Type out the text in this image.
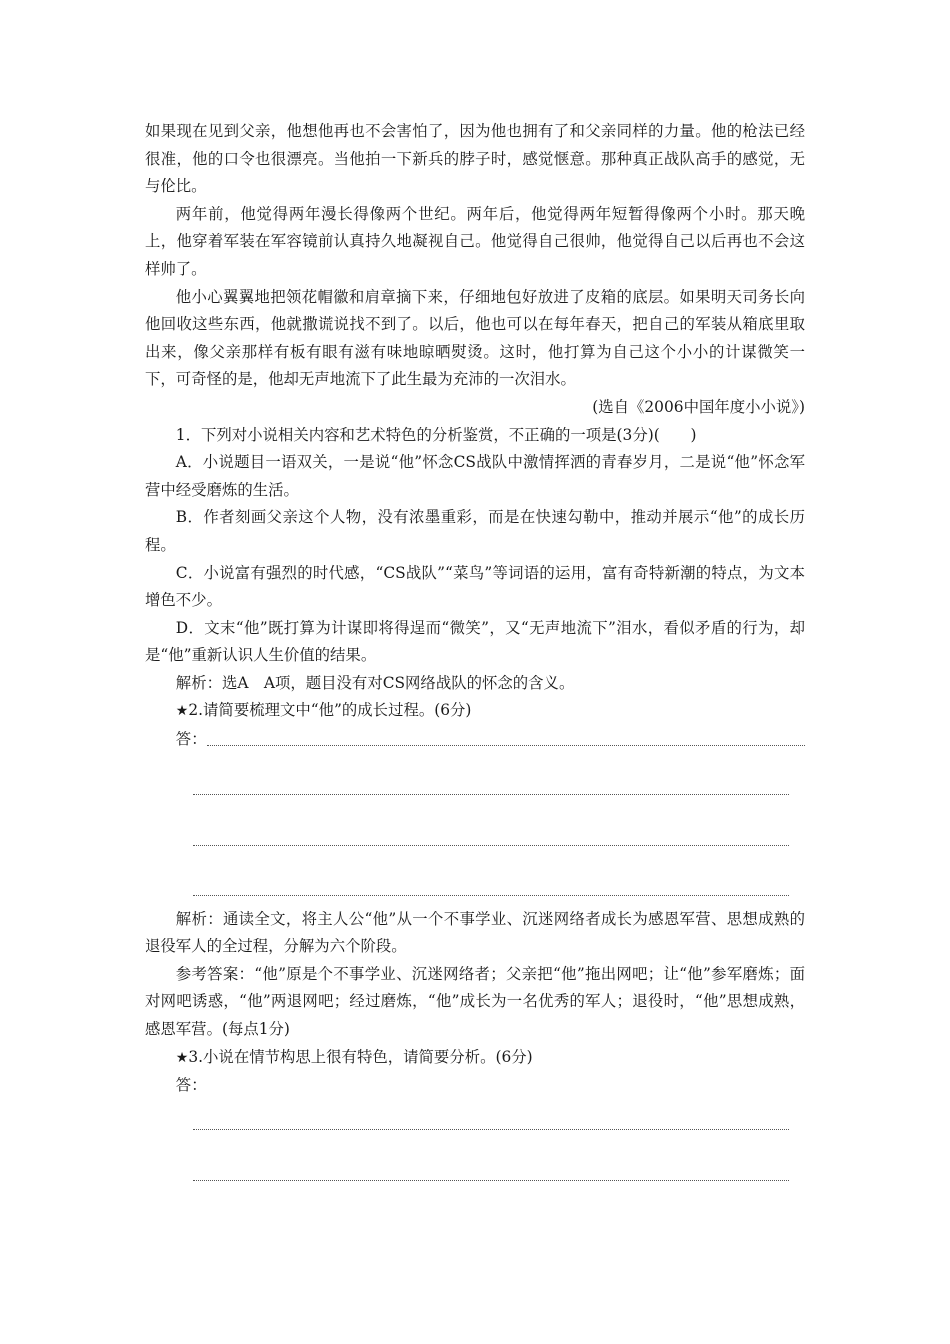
如果现在见到父亲，他想他再也不会害怕了，因为他也拥有了和父亲同样的力量。他的枪法已经很准，他的口令也很漂亮。当他拍一下新兵的脖子时，感觉惬意。那种真正战队高手的感觉，无与伦比。

两年前，他觉得两年漫长得像两个世纪。两年后，他觉得两年短暂得像两个小时。那天晚上，他穿着军装在军容镜前认真持久地凝视自己。他觉得自己很帅，他觉得自己以后再也不会这样帅了。

他小心翼翼地把领花帽徽和肩章摘下来，仔细地包好放进了皮箱的底层。如果明天司务长向他回收这些东西，他就撒谎说找不到了。以后，他也可以在每年春天，把自己的军装从箱底里取出来，像父亲那样有板有眼有滋有味地晾晒熨烫。这时，他打算为自己这个小小的计谋微笑一下，可奇怪的是，他却无声地流下了此生最为充沛的一次泪水。

(选自《2006中国年度小小说》)

1．下列对小说相关内容和艺术特色的分析鉴赏，不正确的一项是(3分)(　　)

A．小说题目一语双关，一是说“他”怀念CS战队中激情挥洒的青春岁月，二是说“他”怀念军营中经受磨炼的生活。

B．作者刻画父亲这个人物，没有浓墨重彩，而是在快速勾勒中，推动并展示“他”的成长历程。

C．小说富有强烈的时代感，“CS战队”“菜鸟”等词语的运用，富有奇特新潮的特点，为文本增色不少。

D．文末“他”既打算为计谋即将得逞而“微笑”，又“无声地流下”泪水，看似矛盾的行为，却是“他”重新认识人生价值的结果。

解析：选A　A项，题目没有对CS网络战队的怀念的含义。

★2.请简要梳理文中“他”的成长过程。(6分)

答：

解析：通读全文，将主人公“他”从一个不事学业、沉迷网络者成长为感恩军营、思想成熟的退役军人的全过程，分解为六个阶段。

参考答案：“他”原是个不事学业、沉迷网络者；父亲把“他”拖出网吧；让“他”参军磨炼；面对网吧诱惑，“他”两退网吧；经过磨炼，“他”成长为一名优秀的军人；退役时，“他”思想成熟，感恩军营。(每点1分)

★3.小说在情节构思上很有特色，请简要分析。(6分)

答：
